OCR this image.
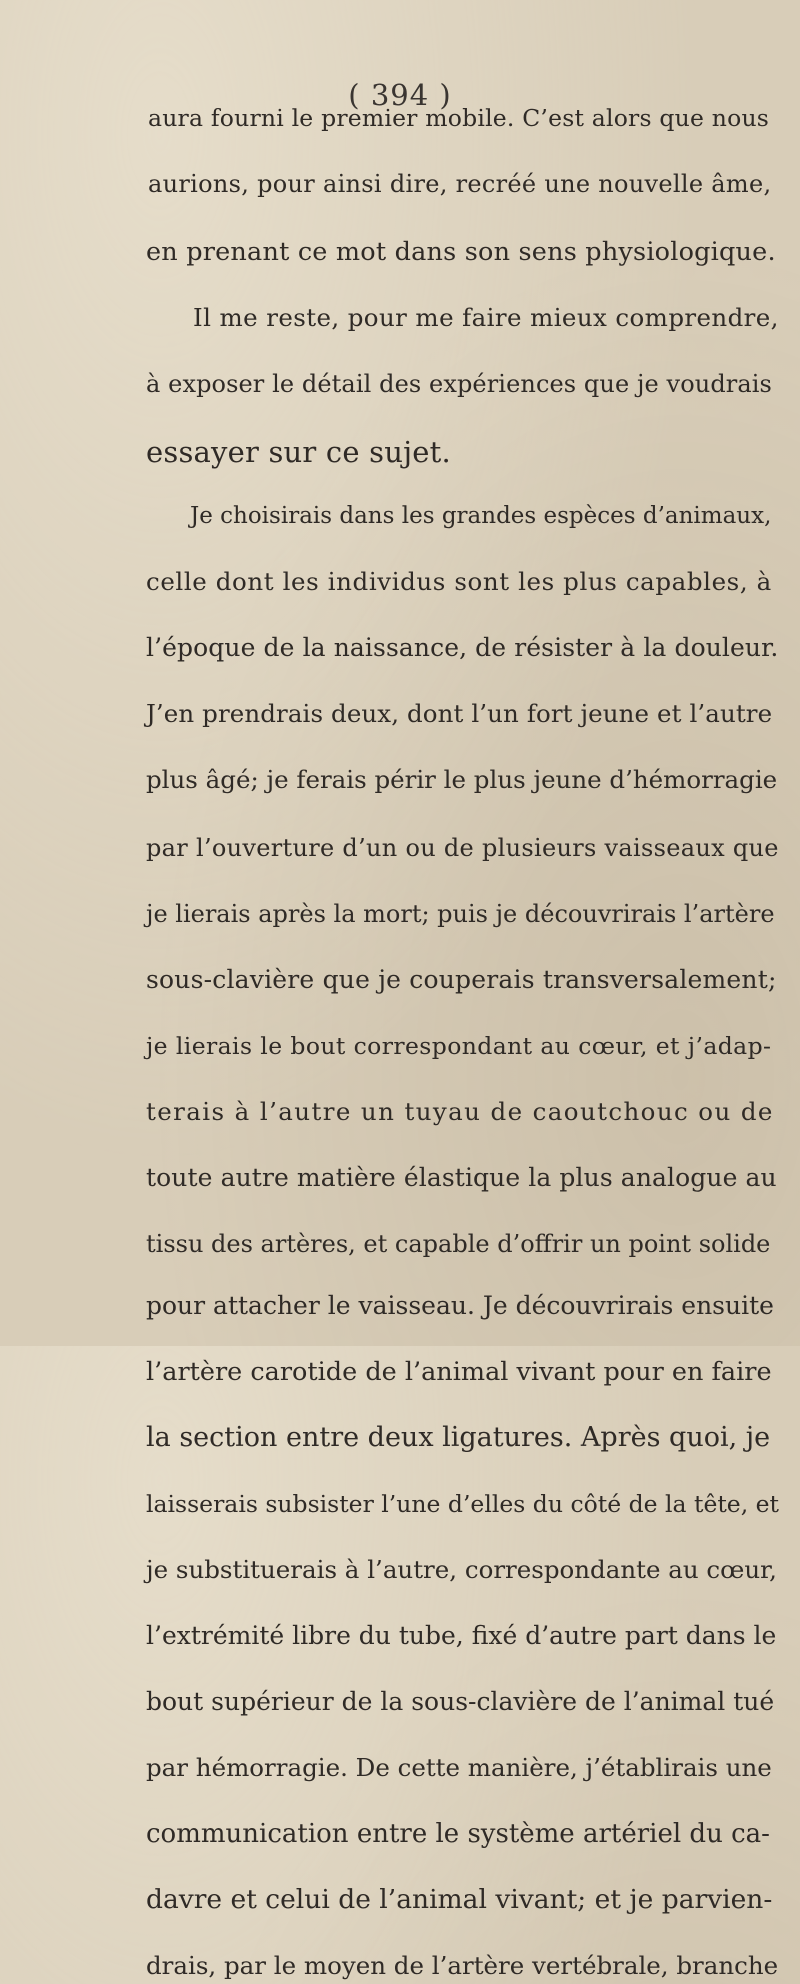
( 394 )
aura fourni le premier mobile. C’est alors que nous
aurions, pour ainsi dire, recréé une nouvelle âme,
en prenant ce mot dans son sens physiologique.
Il me reste, pour me faire mieux comprendre,
à exposer le détail des expériences que je voudrais
essayer sur ce sujet.
Je choisirais dans les grandes espèces d’animaux,
celle dont les individus sont les plus capables, à
l’époque de la naissance, de résister à la douleur.
J’en prendrais deux, dont l’un fort jeune et l’autre
plus âgé; je ferais périr le plus jeune d’hémorragie
par l’ouverture d’un ou de plusieurs vaisseaux que
je lierais après la mort; puis je découvrirais l’artère
sous-clavière que je couperais transversalement;
je lierais le bout correspondant au cœur, et j’adap-
terais à l’autre un tuyau de caoutchouc ou de
toute autre matière élastique la plus analogue au
tissu des artères, et capable d’offrir un point solide
pour attacher le vaisseau. Je découvrirais ensuite
l’artère carotide de l’animal vivant pour en faire
la section entre deux ligatures. Après quoi, je
laisserais subsister l’une d’elles du côté de la tête, et
je substituerais à l’autre, correspondante au cœur,
l’extrémité libre du tube, fixé d’autre part dans le
bout supérieur de la sous-clavière de l’animal tué
par hémorragie. De cette manière, j’établirais une
communication entre le système artériel du ca-
davre et celui de l’animal vivant; et je parvien-
drais, par le moyen de l’artère vertébrale, branche
